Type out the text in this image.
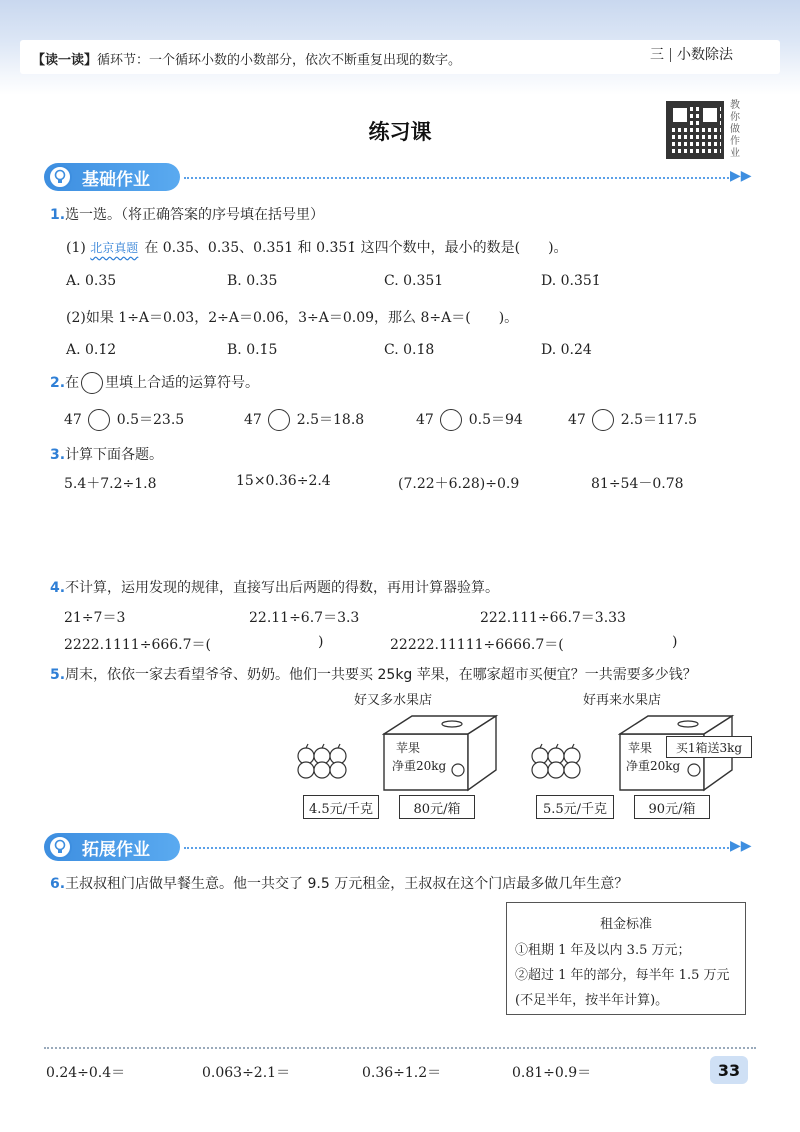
【读一读】循环节：一个循环小数的小数部分，依次不断重复出现的数字。	三 小数除法
练习课
教你做作业
基础作业	▶▶
1.选一选。（将正确答案的序号填在括号里）
(1) 北京真题 在 0.35、0.35̇、0.351 和 0.3̇51̇ 这四个数中，最小的数是(　　)。
A. 0.35	B. 0.3̇5̇	C. 0.351	D. 0.3̇51̇
(2)如果 1÷A＝0.0̇3̇，2÷A＝0.0̇6̇，3÷A＝0.0̇9̇，那么 8÷A＝(　　)。
A. 0.1̇2̇	B. 0.1̇5̇	C. 0.1̇8̇	D. 0.2̇4̇
2.在 里填上合适的运算符号。
47 0.5＝23.5	47 2.5＝18.8	47 0.5＝94	47 2.5＝117.5
3.计算下面各题。
5.4＋7.2÷1.8	15×0.36÷2.4	(7.22＋6.28)÷0.9	81÷54－0.78
4.不计算，运用发现的规律，直接写出后两题的得数，再用计算器验算。
21÷7＝3	22.11÷6.7＝3.3	222.111÷66.7＝3.33
2222.1111÷666.7＝(	)	22222.11111÷6666.7＝(	)
5.周末，依依一家去看望爷爷、奶奶。他们一共要买 25kg 苹果，在哪家超市买便宜？一共需要多少钱？
好又多水果店	好再来水果店
苹果
净重20kg
4.5元/千克	80元/箱
苹果
净重20kg
买1箱送3kg
5.5元/千克	90元/箱
拓展作业	▶▶
6.王叔叔租门店做早餐生意。他一共交了 9.5 万元租金，王叔叔在这个门店最多做几年生意？
租金标准
①租期 1 年及以内 3.5 万元；
②超过 1 年的部分，每半年 1.5 万元
(不足半年，按半年计算)。
0.24÷0.4＝	0.063÷2.1＝	0.36÷1.2＝	0.81÷0.9＝	33
